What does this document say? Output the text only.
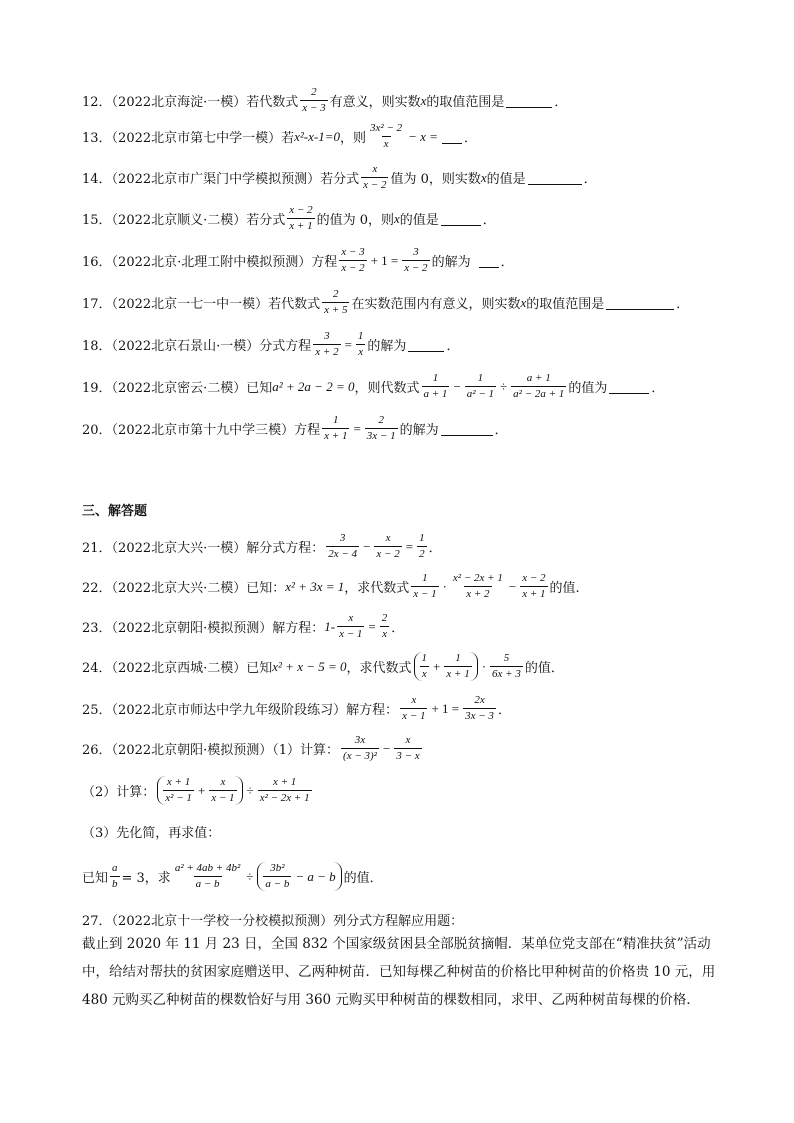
12．（2022北京海淀·一模）若代数式 $\frac{2}{x - 3}$ 有意义，则实数 x 的取值范围是	．
13．（2022北京市第七中学一模）若 x²-x-1=0 ，则 $\frac{\text{3x² − 2}}{x} - x$ = ．
14．（2022北京市广渠门中学模拟预测）若分式 $\frac{x}{x - 2}$ 值为 0，则实数 x 的值是	．
15．（2022北京顺义·二模）若分式 $\frac{x - 2}{x + 1}$ 的值为 0，则 x 的值是	．
16．（2022北京·北理工附中模拟预测）方程 $\frac{x - 3}{x - 2} + 1 = \frac{3}{x - 2}$ 的解为 ．
17．（2022北京一七一中一模）若代数式 $\frac{2}{x + 5}$ 在实数范围内有意义，则实数 x 的取值范围是	．
18．（2022北京石景山·一模）分式方程 $\frac{3}{x + 2} = \frac{1}{x}$ 的解为	．
19．（2022北京密云·二模）已知 a² + 2a − 2 = 0 ，则代数式 $\frac{1}{a + 1} - \frac{1}{\text{a² − 1}} \div \frac{a + 1}{\text{a² − 2a + 1}}$ 的值为	．
20．（2022北京市第十九中学三模）方程 $\frac{1}{x + 1} = \frac{2}{3x - 1}$ 的解为	．
三、解答题
21．（2022北京大兴·一模）解分式方程： $\frac{3}{2x - 4} - \frac{x}{x - 2} = \frac{1}{2}$ ．
22．（2022北京大兴·二模）已知： x² + 3x = 1 ，求代数式 $\frac{1}{x - 1} \cdot \frac{\text{x² − 2x + 1}}{x + 2} - \frac{x - 2}{x + 1}$ 的值.
23．（2022北京朝阳·模拟预测）解方程： $1- \frac{x}{x - 1} = \frac{2}{x}$ ．
24．（2022北京西城·二模）已知 x² + x − 5 = 0 ，求代数式 $\frac{1}{x} + \frac{1}{x + 1} \cdot \frac{5}{6x + 3}$ 的值．
25．（2022北京市师达中学九年级阶段练习）解方程： $\frac{x}{x - 1} + 1 = \frac{2x}{3x - 3}$ ．
26．（2022北京朝阳·模拟预测）（1）计算： $\frac{3x}{\text{(x − 3)²}} - \frac{x}{3 - x}$
（2）计算： $\frac{x + 1}{\text{x² − 1}} + \frac{x}{x - 1} \div \frac{x + 1}{\text{x² − 2x + 1}}$
（3）先化简，再求值：
已知 $\frac{a}{b} = 3$，求 $\frac{\text{a² + 4ab + 4b²}}{a - b} \div \frac{\text{3b²}}{a - b} - a - b$ 的值．
27．（2022北京十一学校一分校模拟预测）列分式方程解应用题：
截止到 2020 年 11 月 23 日，全国 832 个国家级贫困县全部脱贫摘帽．某单位党支部在“精准扶贫”活动中，给结对帮扶的贫困家庭赠送甲、乙两种树苗．已知每棵乙种树苗的价格比甲种树苗的价格贵 10 元，用 480 元购买乙种树苗的棵数恰好与用 360 元购买甲种树苗的棵数相同，求甲、乙两种树苗每棵的价格．
